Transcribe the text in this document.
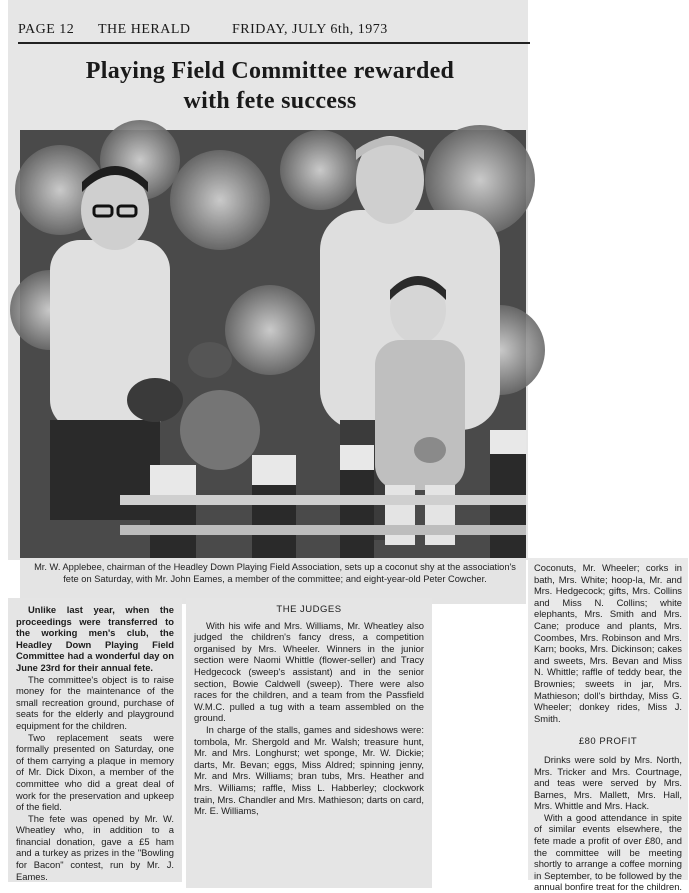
PAGE 12 THE HERALD	FRIDAY, JULY 6th, 1973
Playing Field Committee rewarded
with fete success
Mr. W. Applebee, chairman of the Headley Down Playing Field Association, sets up a coconut shy at the association's fete on Saturday, with Mr. John Eames, a member of the committee; and eight-year-old Peter Cowcher.

Unlike last year, when the proceedings were transferred to the working men's club, the Headley Down Playing Field Committee had a wonderful day on June 23rd for their annual fete.

The committee's object is to raise money for the maintenance of the small recreation ground, purchase of seats for the elderly and playground equipment for the children.

Two replacement seats were formally presented on Saturday, one of them carrying a plaque in memory of Mr. Dick Dixon, a member of the committee who did a great deal of work for the preservation and upkeep of the field.

The fete was opened by Mr. W. Wheatley who, in addition to a financial donation, gave a £5 ham and a turkey as prizes in the "Bowling for Bacon" contest, run by Mr. J. Eames.

THE JUDGES

With his wife and Mrs. Williams, Mr. Wheatley also judged the children's fancy dress, a competition organised by Mrs. Wheeler. Winners in the junior section were Naomi Whittle (flower-seller) and Tracy Hedgecock (sweep's assistant) and in the senior section, Bowie Caldwell (sweep). There were also races for the children, and a team from the Passfield W.M.C. pulled a tug with a team assembled on the ground.

In charge of the stalls, games and sideshows were: tombola, Mr. Shergold and Mr. Walsh; treasure hunt, Mr. and Mrs. Longhurst; wet sponge, Mr. W. Dickie; darts, Mr. Bevan; eggs, Miss Aldred; spinning jenny, Mr. and Mrs. Williams; bran tubs, Mrs. Heather and Mrs. Williams; raffle, Miss L. Habberley; clockwork train, Mrs. Chandler and Mrs. Mathieson; darts on card, Mr. E. Williams,

Coconuts, Mr. Wheeler; corks in bath, Mrs. White; hoop-la, Mr. and Mrs. Hedgecock; gifts, Mrs. Collins and Miss N. Collins; white elephants, Mrs. Smith and Mrs. Cane; produce and plants, Mrs. Coombes, Mrs. Robinson and Mrs. Karn; books, Mrs. Dickinson; cakes and sweets, Mrs. Bevan and Miss N. Whittle; raffle of teddy bear, the Brownies; sweets in jar, Mrs. Mathieson; doll's birthday, Miss G. Wheeler; donkey rides, Miss J. Smith.

£80 PROFIT

Drinks were sold by Mrs. North, Mrs. Tricker and Mrs. Courtnage, and teas were served by Mrs. Barnes, Mrs. Mallett, Mrs. Hall, Mrs. Whittle and Mrs. Hack.

With a good attendance in spite of similar events elsewhere, the fete made a profit of over £80, and the committee will be meeting shortly to arrange a coffee morning in September, to be followed by the annual bonfire treat for the children.
